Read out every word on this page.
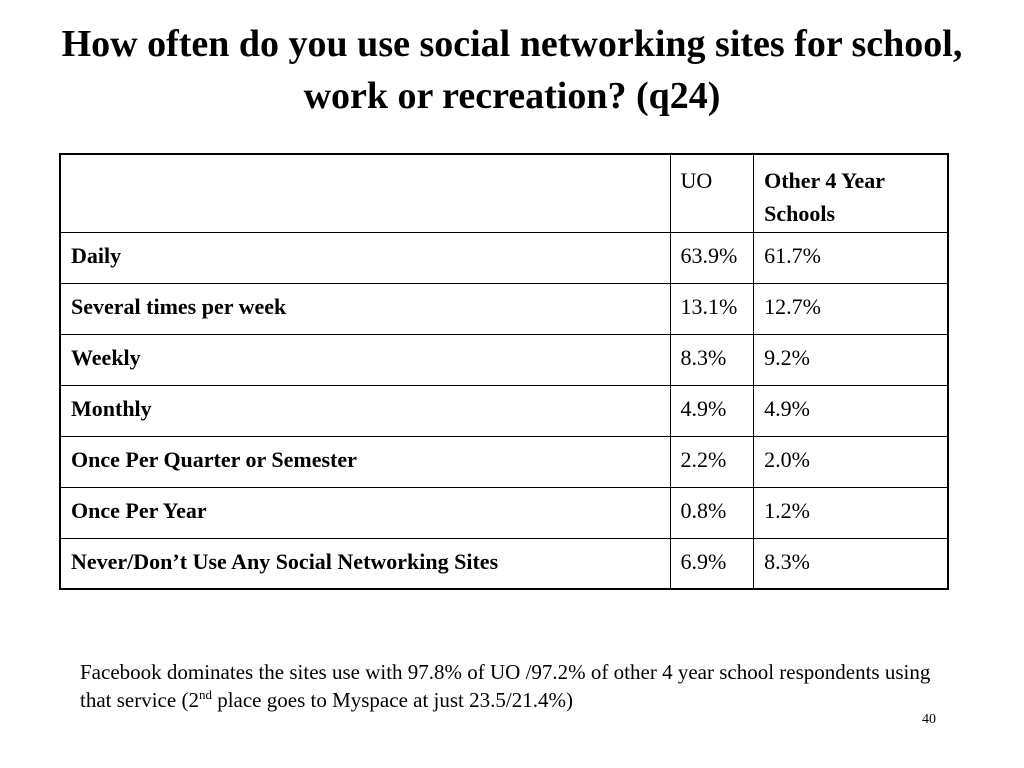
How often do you use social networking sites for school, work or recreation? (q24)
	UO	Other 4 Year Schools
Daily	63.9%	61.7%
Several times per week	13.1%	12.7%
Weekly	8.3%	9.2%
Monthly	4.9%	4.9%
Once Per Quarter or Semester	2.2%	2.0%
Once Per Year	0.8%	1.2%
Never/Don’t Use Any Social Networking Sites	6.9%	8.3%

Facebook dominates the sites use with 97.8% of UO /97.2% of other 4 year school respondents using that service (2nd place goes to Myspace at just 23.5/21.4%)

40
